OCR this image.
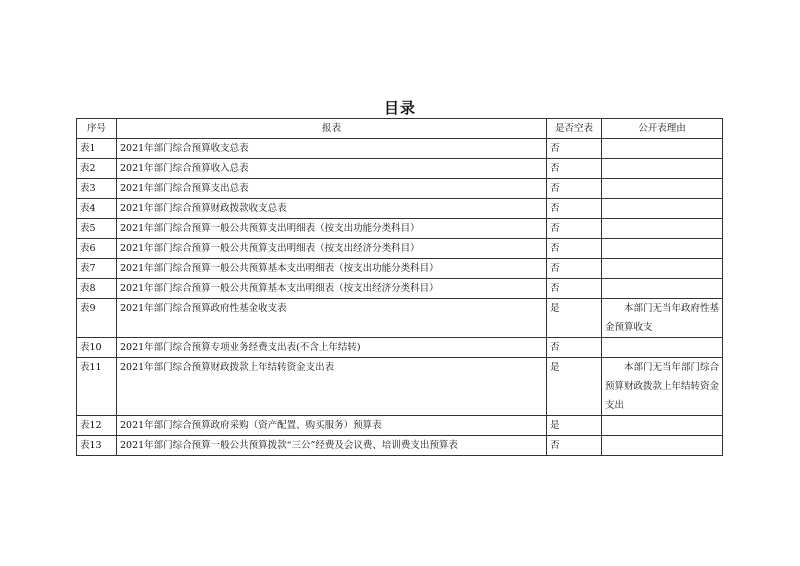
目录
序号	报表	是否空表	公开表理由
表1	2021年部门综合预算收支总表	否	
表2	2021年部门综合预算收入总表	否	
表3	2021年部门综合预算支出总表	否	
表4	2021年部门综合预算财政拨款收支总表	否	
表5	2021年部门综合预算一般公共预算支出明细表（按支出功能分类科目）	否	
表6	2021年部门综合预算一般公共预算支出明细表（按支出经济分类科目）	否	
表7	2021年部门综合预算一般公共预算基本支出明细表（按支出功能分类科目）	否	
表8	2021年部门综合预算一般公共预算基本支出明细表（按支出经济分类科目）	否	
表9	2021年部门综合预算政府性基金收支表	是	本部门无当年政府性基金预算收支
表10	2021年部门综合预算专项业务经费支出表(不含上年结转)	否	
表11	2021年部门综合预算财政拨款上年结转资金支出表	是	本部门无当年部门综合预算财政拨款上年结转资金支出
表12	2021年部门综合预算政府采购（资产配置、购买服务）预算表	是	
表13	2021年部门综合预算一般公共预算拨款“三公”经费及会议费、培训费支出预算表	否	
